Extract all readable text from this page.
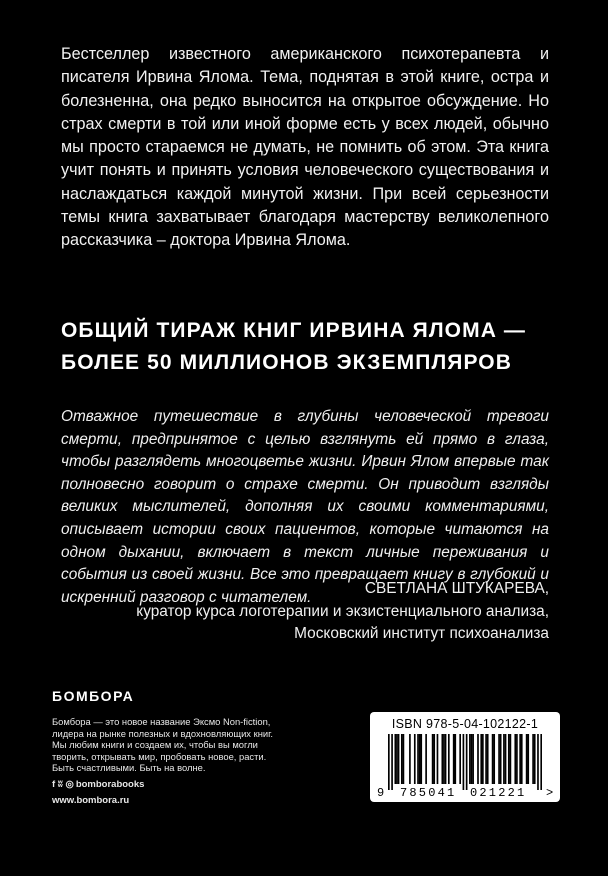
Бестселлер известного американского психотерапевта и писателя Ирвина Ялома. Тема, поднятая в этой книге, остра и болезненна, она редко выносится на открытое обсуждение. Но страх смерти в той или иной форме есть у всех людей, обычно мы просто стараемся не думать, не помнить об этом. Эта книга учит понять и принять условия человеческого существования и наслаждаться каждой минутой жизни. При всей серьезности темы книга захватывает благодаря мастерству великолепного рассказчика – доктора Ирвина Ялома.

ОБЩИЙ ТИРАЖ КНИГ ИРВИНА ЯЛОМА —
БОЛЕЕ 50 МИЛЛИОНОВ ЭКЗЕМПЛЯРОВ

Отважное путешествие в глубины человеческой тревоги смерти, предпринятое с целью взглянуть ей прямо в глаза, чтобы разглядеть многоцветье жизни. Ирвин Ялом впервые так полновесно говорит о страхе смерти. Он приводит взгляды великих мыслителей, дополняя их своими комментариями, описывает истории своих пациентов, которые читаются на одном дыхании, включает в текст личные переживания и события из своей жизни. Все это превращает книгу в глубокий и искренний разговор с читателем.

СВЕТЛАНА ШТУКАРЕВА,
куратор курса логотерапии и экзистенциального анализа,
Московский институт психоанализа
БОМБОРА
Бомбора — это новое название Эксмо Non-fiction,
лидера на рынке полезных и вдохновляющих книг.
Мы любим книги и создаем их, чтобы вы могли
творить, открывать мир, пробовать новое, расти.
Быть счастливыми. Быть на волне.
f ʬ ◎ bomborabooks
www.bombora.ru
ISBN 978-5-04-102122-1
9 785041 021221 >
